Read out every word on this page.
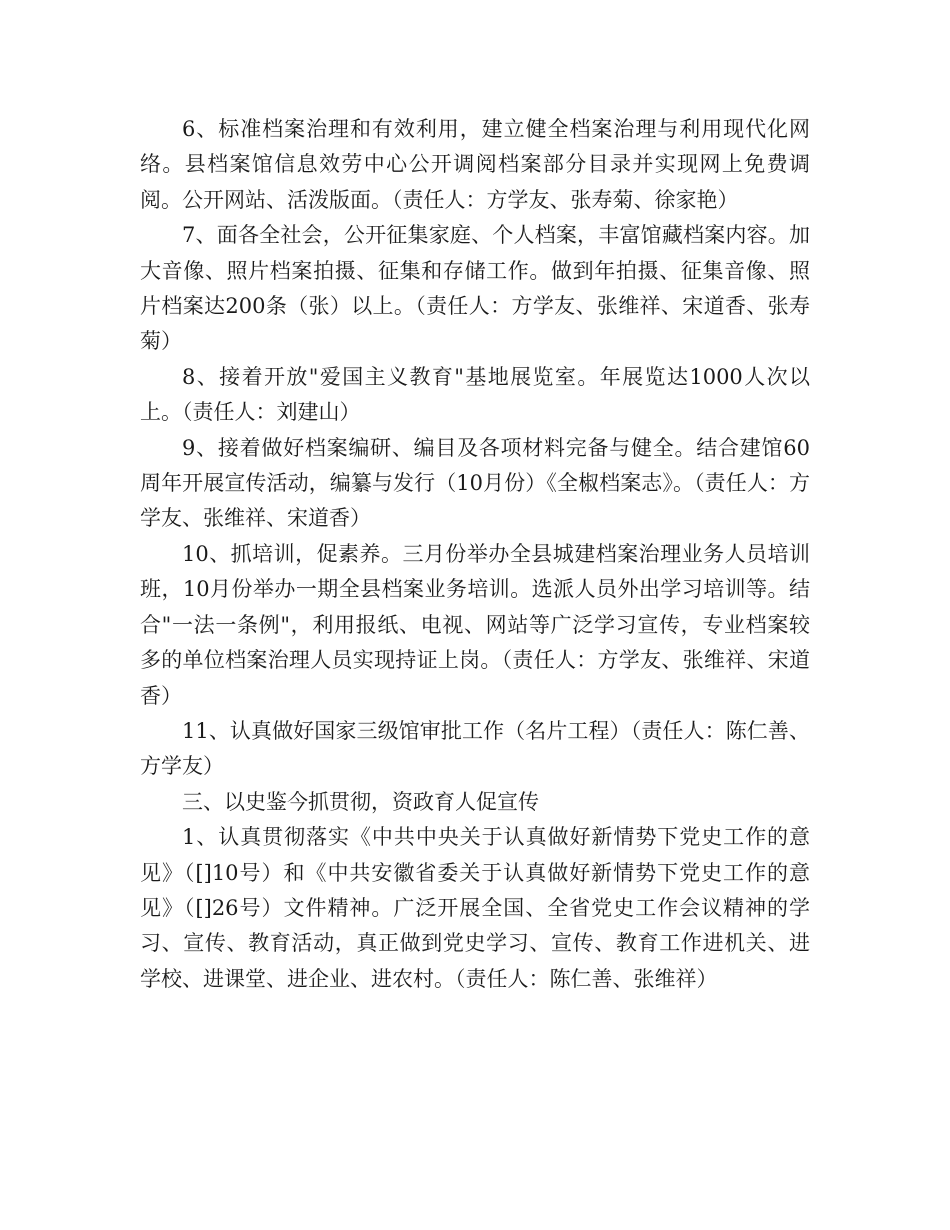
6、标准档案治理和有效利用，建立健全档案治理与利用现代化网络。县档案馆信息效劳中心公开调阅档案部分目录并实现网上免费调阅。公开网站、活泼版面。（责任人：方学友、张寿菊、徐家艳）

7、面各全社会，公开征集家庭、个人档案，丰富馆藏档案内容。加大音像、照片档案拍摄、征集和存储工作。做到年拍摄、征集音像、照片档案达200条（张）以上。（责任人：方学友、张维祥、宋道香、张寿菊）

8、接着开放"爱国主义教育"基地展览室。年展览达1000人次以上。（责任人：刘建山）

9、接着做好档案编研、编目及各项材料完备与健全。结合建馆60周年开展宣传活动，编纂与发行（10月份）《全椒档案志》。（责任人：方学友、张维祥、宋道香）

10、抓培训，促素养。三月份举办全县城建档案治理业务人员培训班，10月份举办一期全县档案业务培训。选派人员外出学习培训等。结合"一法一条例"，利用报纸、电视、网站等广泛学习宣传，专业档案较多的单位档案治理人员实现持证上岗。（责任人：方学友、张维祥、宋道香）

11、认真做好国家三级馆审批工作（名片工程）（责任人：陈仁善、方学友）

三、以史鉴今抓贯彻，资政育人促宣传

1、认真贯彻落实《中共中央关于认真做好新情势下党史工作的意见》（[]10号）和《中共安徽省委关于认真做好新情势下党史工作的意见》（[]26号）文件精神。广泛开展全国、全省党史工作会议精神的学习、宣传、教育活动，真正做到党史学习、宣传、教育工作进机关、进学校、进课堂、进企业、进农村。（责任人：陈仁善、张维祥）
